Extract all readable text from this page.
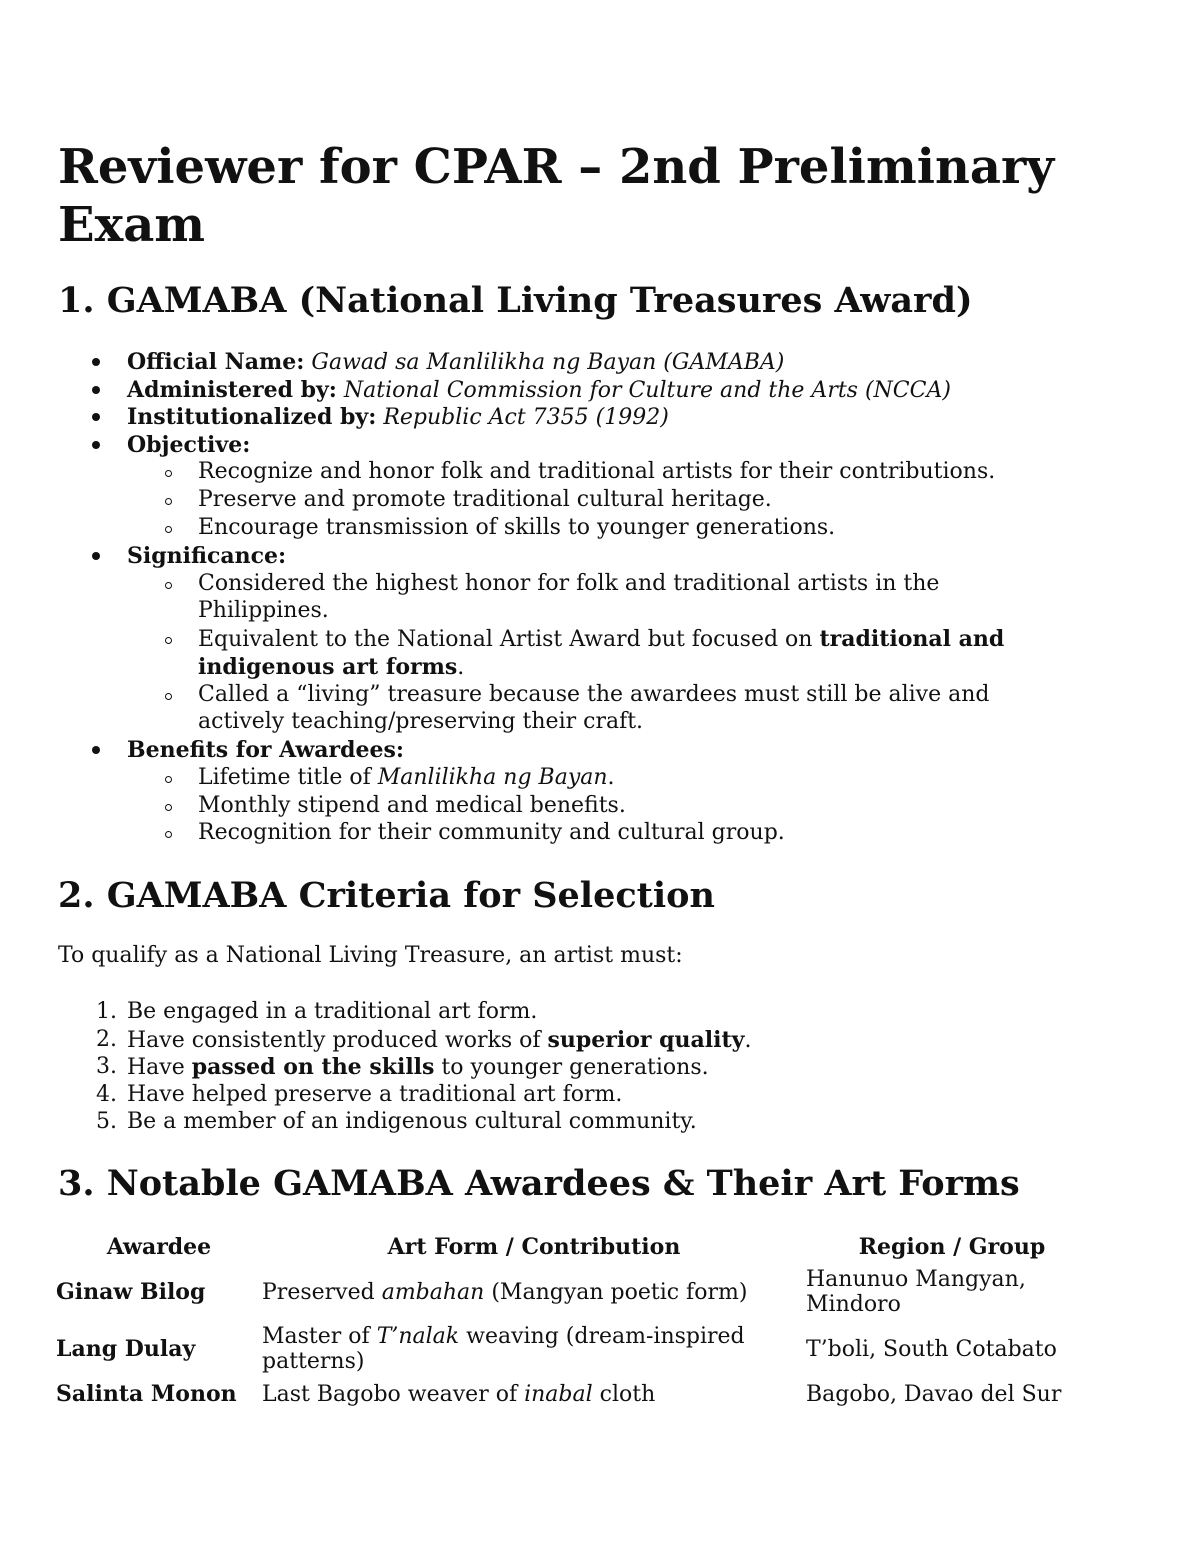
Reviewer for CPAR – 2nd Preliminary Exam
1. GAMABA (National Living Treasures Award)
Official Name: Gawad sa Manlilikha ng Bayan (GAMABA)
Administered by: National Commission for Culture and the Arts (NCCA)
Institutionalized by: Republic Act 7355 (1992)
Objective:
Recognize and honor folk and traditional artists for their contributions.
Preserve and promote traditional cultural heritage.
Encourage transmission of skills to younger generations.
Significance:
Considered the highest honor for folk and traditional artists in the
Philippines.
Equivalent to the National Artist Award but focused on traditional and
indigenous art forms.
Called a “living” treasure because the awardees must still be alive and
actively teaching/preserving their craft.
Benefits for Awardees:
Lifetime title of Manlilikha ng Bayan.
Monthly stipend and medical benefits.
Recognition for their community and cultural group.
2. GAMABA Criteria for Selection
To qualify as a National Living Treasure, an artist must:
1. Be engaged in a traditional art form.
2. Have consistently produced works of superior quality.
3. Have passed on the skills to younger generations.
4. Have helped preserve a traditional art form.
5. Be a member of an indigenous cultural community.
3. Notable GAMABA Awardees & Their Art Forms
Awardee	Art Form / Contribution	Region / Group
Ginaw Bilog	Preserved ambahan (Mangyan poetic form)	Hanunuo Mangyan, Mindoro
Lang Dulay	Master of T’nalak weaving (dream-inspired patterns)	T’boli, South Cotabato
Salinta Monon	Last Bagobo weaver of inabal cloth	Bagobo, Davao del Sur
